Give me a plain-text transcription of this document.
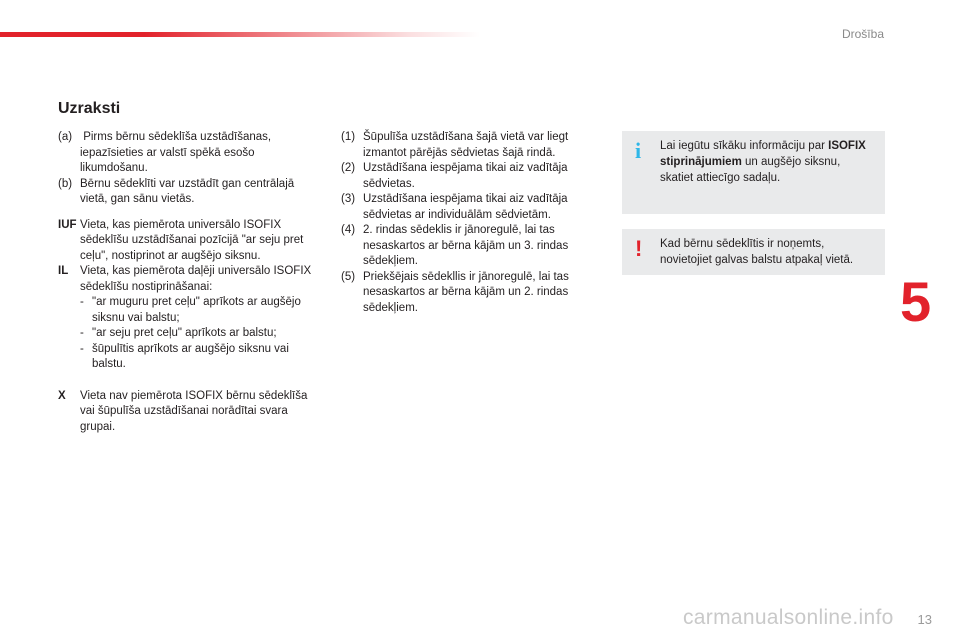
Drošība
Uzraksti
(a) Pirms bērnu sēdeklīša uzstādīšanas, iepazīsieties ar valstī spēkā esošo likumdošanu.
(b) Bērnu sēdeklīti var uzstādīt gan centrālajā vietā, gan sānu vietās.
IUF Vieta, kas piemērota universālo ISOFIX sēdeklīšu uzstādīšanai pozīcijā "ar seju pret ceļu", nostiprinot ar augšējo siksnu.
IL	Vieta, kas piemērota daļēji universālo ISOFIX sēdeklīšu nostiprināšanai:
- "ar muguru pret ceļu" aprīkots ar augšējo siksnu vai balstu;
- "ar seju pret ceļu" aprīkots ar balstu;
- šūpulītis aprīkots ar augšējo siksnu vai balstu.
X	Vieta nav piemērota ISOFIX bērnu sēdeklīša vai šūpulīša uzstādīšanai norādītai svara grupai.
(1) Šūpulīša uzstādīšana šajā vietā var liegt izmantot pārējās sēdvietas šajā rindā.
(2) Uzstādīšana iespējama tikai aiz vadītāja sēdvietas.
(3) Uzstādīšana iespējama tikai aiz vadītāja sēdvietas ar individuālām sēdvietām.
(4) 2. rindas sēdeklis ir jānoregulē, lai tas nesaskartos ar bērna kājām un 3. rindas sēdekļiem.
(5) Priekšējais sēdekllis ir jānoregulē, lai tas nesaskartos ar bērna kājām un 2. rindas sēdekļiem.
i Lai iegūtu sīkāku informāciju par ISOFIX stiprinājumiem un augšējo siksnu, skatiet attiecīgo sadaļu.
! Kad bērnu sēdeklītis ir noņemts, novietojiet galvas balstu atpakaļ vietā.
5
carmanualsonline.info 13
